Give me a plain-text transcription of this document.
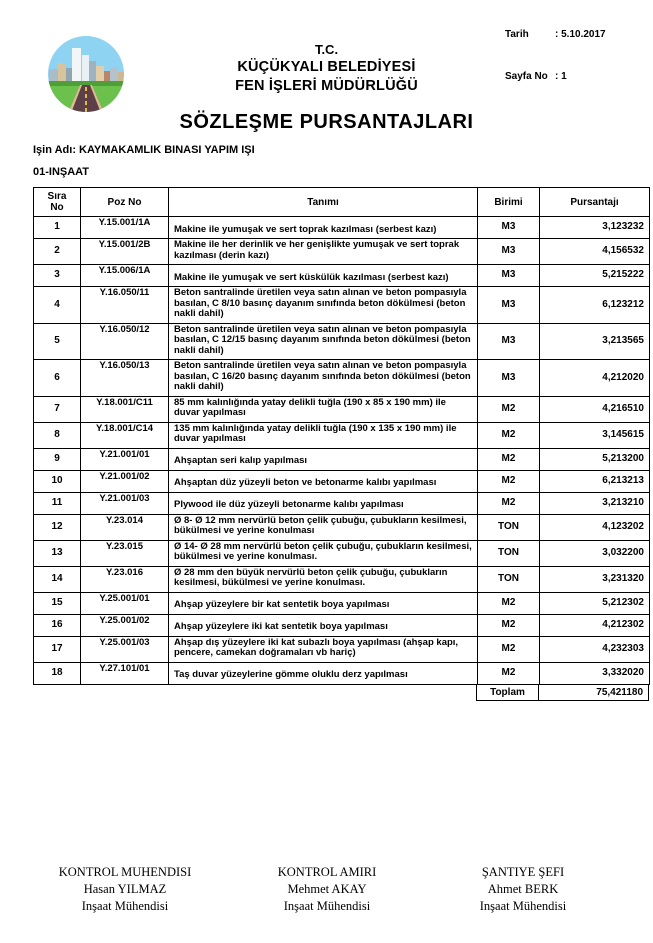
T.C.
KÜÇÜKYALI BELEDİYESİ
FEN İŞLERİ MÜDÜRLÜĞÜ
Tarih	: 5.10.2017
Sayfa No : 1
SÖZLEŞME PURSANTAJLARI
Işin Adı: KAYMAKAMLIK BINASI YAPIM IŞI
01-INŞAAT
Sıra
No	Poz No	Tanımı	Birimi	Pursantajı
1	Y.15.001/1A	Makine ile yumuşak ve sert toprak kazılması (serbest kazı)	M3	3,123232
2	Y.15.001/2B	Makine ile her derinlik ve her genişlikte yumuşak ve sert toprak kazılması (derin kazı)	M3	4,156532
3	Y.15.006/1A	Makine ile yumuşak ve sert küskülük kazılması (serbest kazı)	M3	5,215222
4	Y.16.050/11	Beton santralinde üretilen veya satın alınan ve beton pompasıyla basılan, C 8/10 basınç dayanım sınıfında beton dökülmesi (beton nakli dahil)	M3	6,123212
5	Y.16.050/12	Beton santralinde üretilen veya satın alınan ve beton pompasıyla basılan, C 12/15 basınç dayanım sınıfında beton dökülmesi (beton nakli dahil)	M3	3,213565
6	Y.16.050/13	Beton santralinde üretilen veya satın alınan ve beton pompasıyla basılan, C 16/20 basınç dayanım sınıfında beton dökülmesi (beton nakli dahil)	M3	4,212020
7	Y.18.001/C11	85 mm kalınlığında yatay delikli tuğla (190 x 85 x 190 mm) ile duvar yapılması	M2	4,216510
8	Y.18.001/C14	135 mm kalınlığında yatay delikli tuğla (190 x 135 x 190 mm) ile duvar yapılması	M2	3,145615
9	Y.21.001/01	Ahşaptan seri kalıp yapılması	M2	5,213200
10	Y.21.001/02	Ahşaptan düz yüzeyli beton ve betonarme kalıbı yapılması	M2	6,213213
11	Y.21.001/03	Plywood ile düz yüzeyli betonarme kalıbı yapılması	M2	3,213210
12	Y.23.014	Ø 8- Ø 12 mm nervürlü beton çelik çubuğu, çubukların kesilmesi, bükülmesi ve yerine konulması	TON	4,123202
13	Y.23.015	Ø 14- Ø 28 mm nervürlü beton çelik çubuğu, çubukların kesilmesi, bükülmesi ve yerine konulması.	TON	3,032200
14	Y.23.016	Ø 28 mm den büyük nervürlü beton çelik çubuğu, çubukların kesilmesi, bükülmesi ve yerine konulması.	TON	3,231320
15	Y.25.001/01	Ahşap yüzeylere bir kat sentetik boya yapılması	M2	5,212302
16	Y.25.001/02	Ahşap yüzeylere iki kat sentetik boya yapılması	M2	4,212302
17	Y.25.001/03	Ahşap dış yüzeylere iki kat subazlı boya yapılması (ahşap kapı, pencere, camekan doğramaları vb hariç)	M2	4,232303
18	Y.27.101/01	Taş duvar yüzeylerine gömme oluklu derz yapılması	M2	3,332020
Toplam	75,421180
KONTROL MUHENDISI
Hasan YILMAZ
Inşaat Mühendisi
KONTROL AMIRI
Mehmet AKAY
Inşaat Mühendisi
ŞANTIYE ŞEFI
Ahmet BERK
Inşaat Mühendisi
